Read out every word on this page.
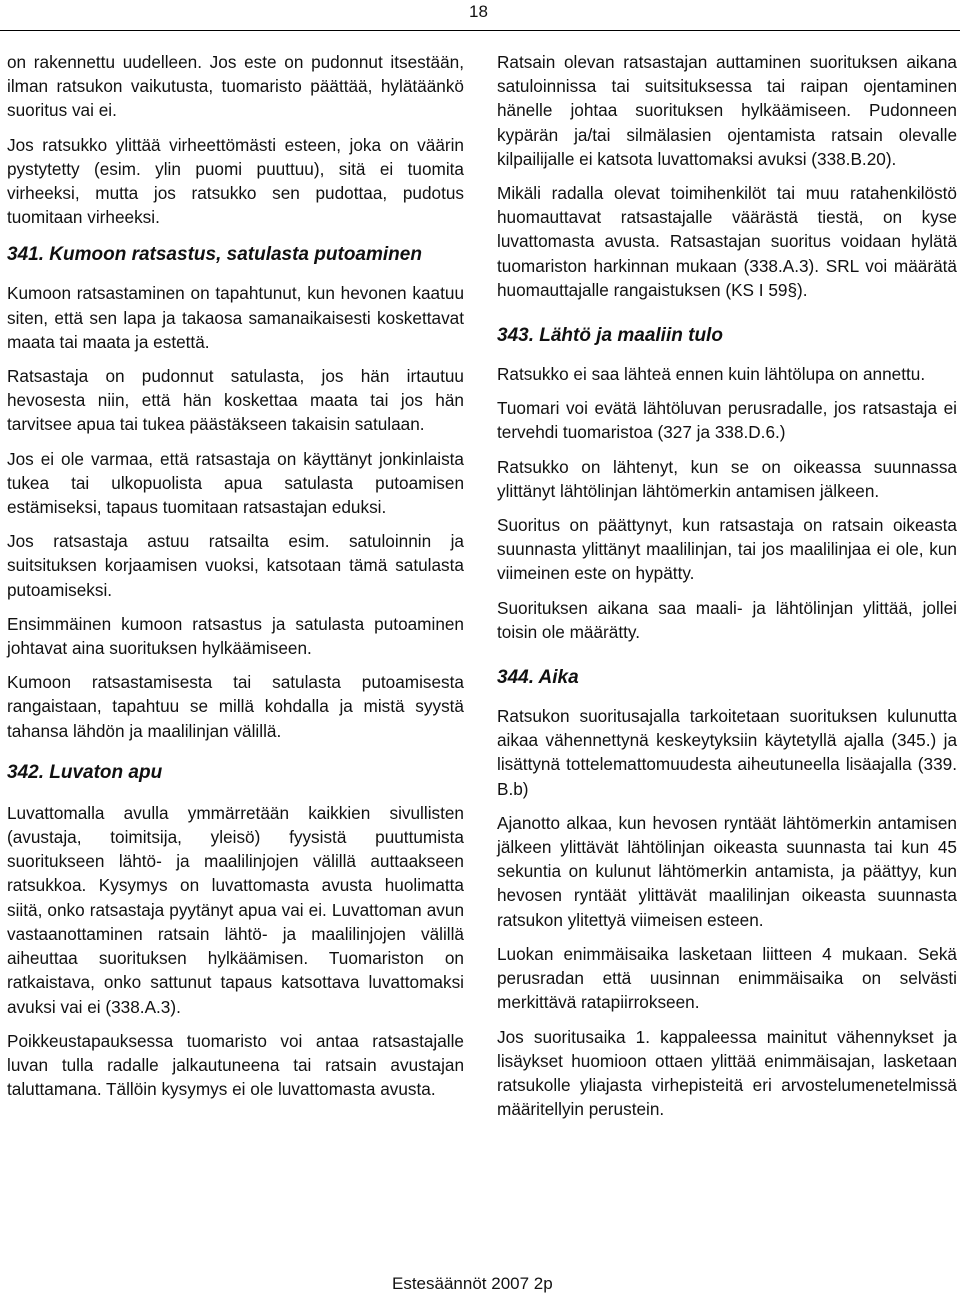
18

on rakennettu uudelleen. Jos este on pudonnut itsestään, ilman ratsukon vaikutusta, tuomaristo päättää, hylätäänkö suoritus vai ei.

Jos ratsukko ylittää virheettömästi esteen, joka on väärin pystytetty (esim. ylin puomi puuttuu), sitä ei tuomita virheeksi, mutta jos ratsukko sen pudottaa, pudotus tuomitaan virheeksi.

341. Kumoon ratsastus, satulasta putoaminen

Kumoon ratsastaminen on tapahtunut, kun hevonen kaatuu siten, että sen lapa ja takaosa samanaikaisesti koskettavat maata tai maata ja estettä.

Ratsastaja on pudonnut satulasta, jos hän irtautuu hevosesta niin, että hän koskettaa maata tai jos hän tarvitsee apua tai tukea päästäkseen takaisin satulaan.

Jos ei ole varmaa, että ratsastaja on käyttänyt jonkinlaista tukea tai ulkopuolista apua satulasta putoamisen estämiseksi, tapaus tuomitaan ratsastajan eduksi.

Jos ratsastaja astuu ratsailta esim. satuloinnin ja suitsituksen korjaamisen vuoksi, katsotaan tämä satulasta putoamiseksi.

Ensimmäinen kumoon ratsastus ja satulasta putoaminen johtavat aina suorituksen hylkäämiseen.

Kumoon ratsastamisesta tai satulasta putoamisesta rangaistaan, tapahtuu se millä kohdalla ja mistä syystä tahansa lähdön ja maalilinjan välillä.

342. Luvaton apu

Luvattomalla avulla ymmärretään kaikkien sivullisten (avustaja, toimitsija, yleisö) fyysistä puuttumista suoritukseen lähtö- ja maalilinjojen välillä auttaakseen ratsukkoa. Kysymys on luvattomasta avusta huolimatta siitä, onko ratsastaja pyytänyt apua vai ei. Luvattoman avun vastaanottaminen ratsain lähtö- ja maalilinjojen välillä aiheuttaa suorituksen hylkäämisen. Tuomariston on ratkaistava, onko sattunut tapaus katsottava luvattomaksi avuksi vai ei (338.A.3).

Poikkeustapauksessa tuomaristo voi antaa ratsastajalle luvan tulla radalle jalkautuneena tai ratsain avustajan taluttamana. Tällöin kysymys ei ole luvattomasta avusta.

Ratsain olevan ratsastajan auttaminen suorituksen aikana satuloinnissa tai suitsituksessa tai raipan ojentaminen hänelle johtaa suorituksen hylkäämiseen. Pudonneen kypärän ja/tai silmälasien ojentamista ratsain olevalle kilpailijalle ei katsota luvattomaksi avuksi (338.B.20).

Mikäli radalla olevat toimihenkilöt tai muu ratahenkilöstö huomauttavat ratsastajalle väärästä tiestä, on kyse luvattomasta avusta. Ratsastajan suoritus voidaan hylätä tuomariston harkinnan mukaan (338.A.3). SRL voi määrätä huomauttajalle rangaistuksen (KS I 59§).

343. Lähtö ja maaliin tulo

Ratsukko ei saa lähteä ennen kuin lähtölupa on annettu.

Tuomari voi evätä lähtöluvan perusradalle, jos ratsastaja ei tervehdi tuomaristoa (327 ja 338.D.6.)

Ratsukko on lähtenyt, kun se on oikeassa suunnassa ylittänyt lähtölinjan lähtömerkin antamisen jälkeen.

Suoritus on päättynyt, kun ratsastaja on ratsain oikeasta suunnasta ylittänyt maalilinjan, tai jos maalilinjaa ei ole, kun viimeinen este on hypätty.

Suorituksen aikana saa maali- ja lähtölinjan ylittää, jollei toisin ole määrätty.

344. Aika

Ratsukon suoritusajalla tarkoitetaan suorituksen kulunutta aikaa vähennettynä keskeytyksiin käytetyllä ajalla (345.) ja lisättynä tottelemattomuudesta aiheutuneella lisäajalla (339. B.b)

Ajanotto alkaa, kun hevosen ryntäät lähtömerkin antamisen jälkeen ylittävät lähtölinjan oikeasta suunnasta tai kun 45 sekuntia on kulunut lähtömerkin antamista, ja päättyy, kun hevosen ryntäät ylittävät maalilinjan oikeasta suunnasta ratsukon ylitettyä viimeisen esteen.

Luokan enimmäisaika lasketaan liitteen 4 mukaan. Sekä perusradan että uusinnan enimmäisaika on selvästi merkittävä ratapiirrokseen.

Jos suoritusaika 1. kappaleessa mainitut vähennykset ja lisäykset huomioon ottaen ylittää enimmäisajan, lasketaan ratsukolle yliajasta virhepisteitä eri arvostelumenetelmissä määritellyin perustein.

Estesäännöt 2007 2p
